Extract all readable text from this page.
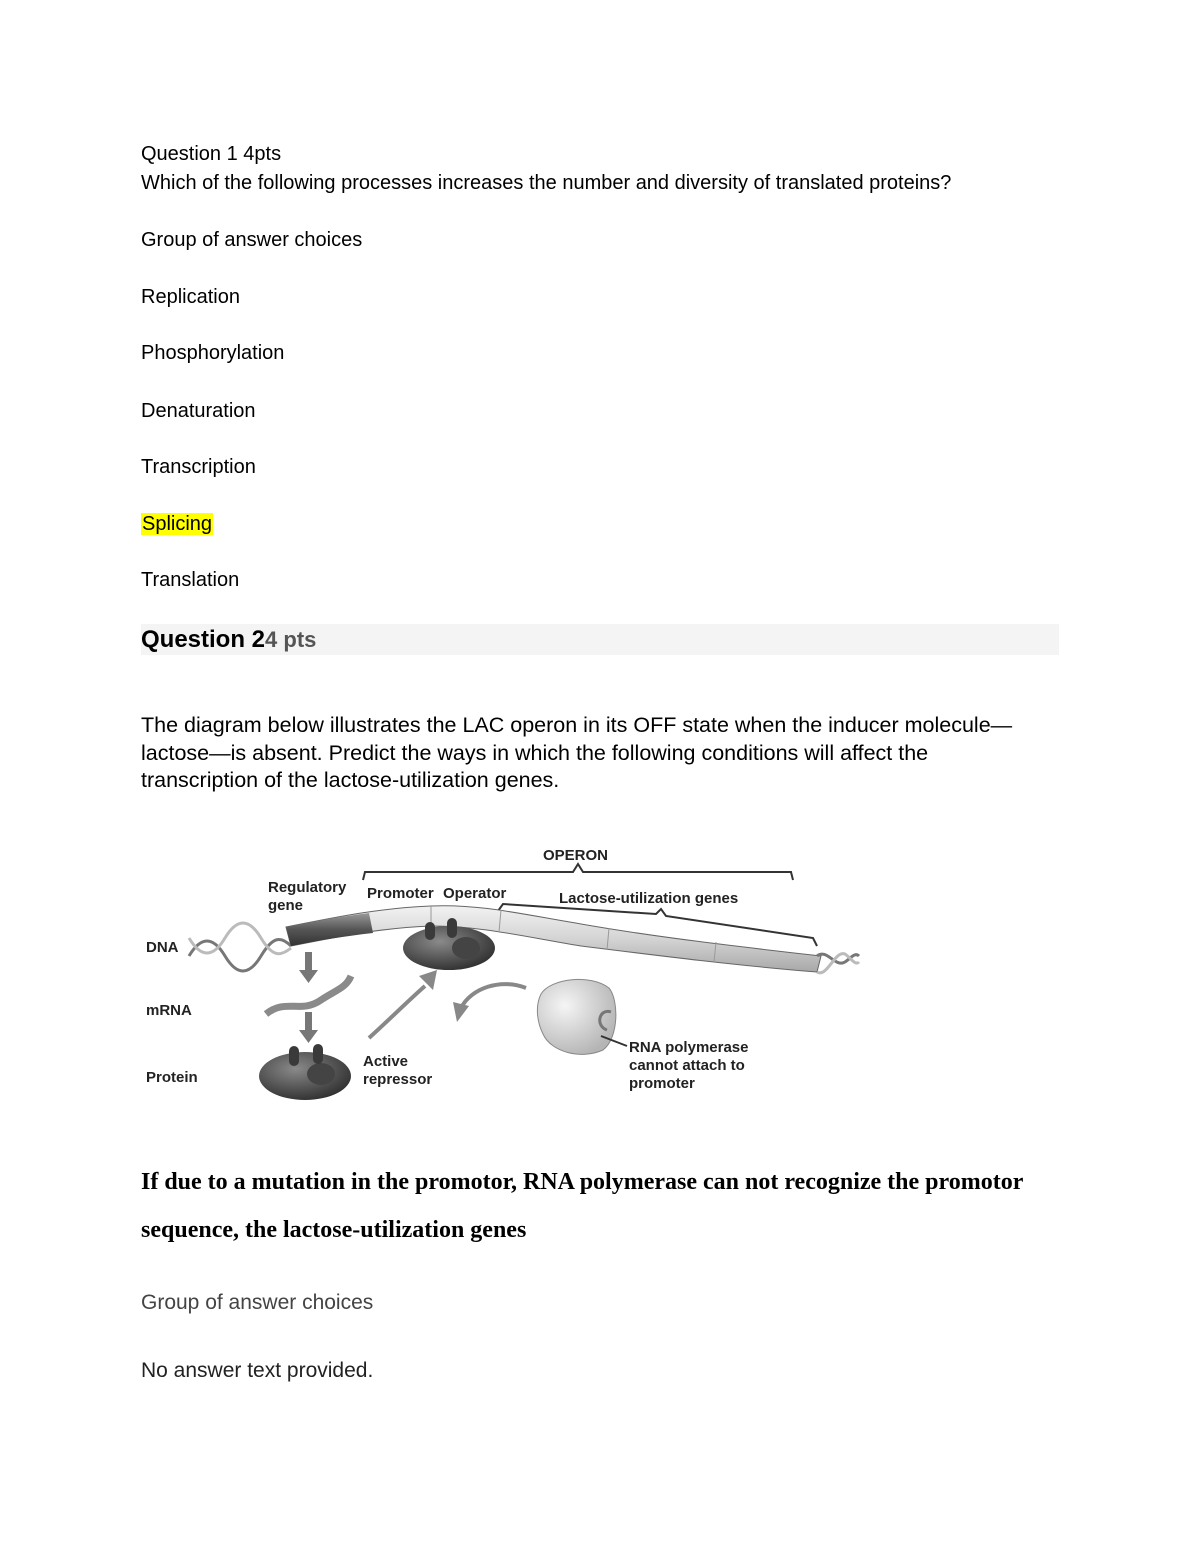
Question 1 4pts
Which of the following processes increases the number and diversity of translated proteins?
Group of answer choices
Replication
Phosphorylation
Denaturation
Transcription
Splicing
Translation
Question 24 pts
The diagram below illustrates the LAC operon in its OFF state when the inducer molecule—lactose—is absent. Predict the ways in which the following conditions will affect the transcription of the lactose-utilization genes.
OPERON
Lactose-utilization genes
Regulatory
gene
Promoter Operator
DNA
mRNA
Protein
Active
repressor
RNA polymerase
cannot attach to
promoter
If due to a mutation in the promotor, RNA polymerase can not recognize the promotor sequence, the lactose-utilization genes
Group of answer choices
No answer text provided.
